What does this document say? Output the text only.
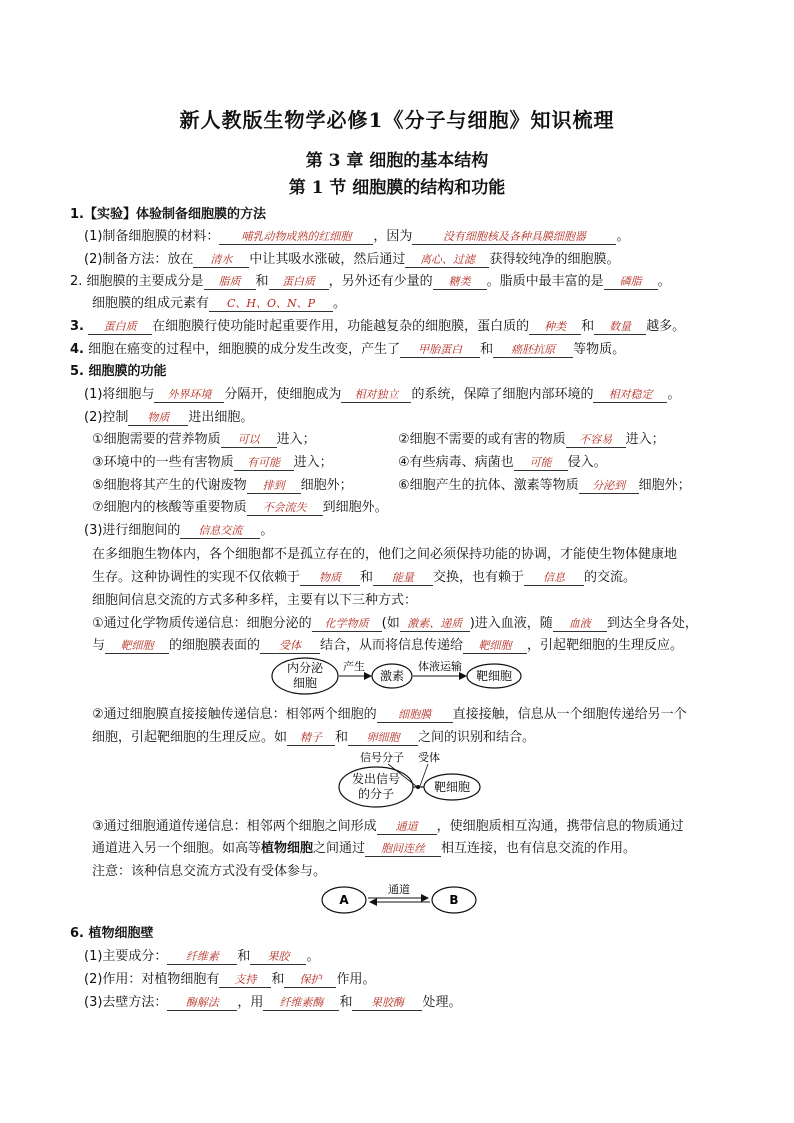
新人教版生物学必修1《分子与细胞》知识梳理
第 3 章 细胞的基本结构
第 1 节 细胞膜的结构和功能
1.【实验】体验制备细胞膜的方法
(1)制备细胞膜的材料： 哺乳动物成熟的红细胞 ，因为	没有细胞核及各种具膜细胞器 。
(2)制备方法：放在 清水 中让其吸水涨破，然后通过 离心、过滤 获得较纯净的细胞膜。
2. 细胞膜的主要成分是 脂质 和 蛋白质 ，另外还有少量的 糖类 。脂质中最丰富的是 磷脂 。
细胞膜的组成元素有 C、H、O、N、P 。
3. 蛋白质 在细胞膜行使功能时起重要作用，功能越复杂的细胞膜，蛋白质的 种类 和 数量 越多。
4. 细胞在癌变的过程中，细胞膜的成分发生改变，产生了 甲胎蛋白 和 癌胚抗原 等物质。
5. 细胞膜的功能
(1)将细胞与 外界环境 分隔开，使细胞成为 相对独立 的系统，保障了细胞内部环境的 相对稳定 。
(2)控制 物质 进出细胞。
①细胞需要的营养物质 可以 进入；	②细胞不需要的或有害的物质 不容易 进入；
③环境中的一些有害物质 有可能 进入；	④有些病毒、病菌也 可能 侵入。
⑤细胞将其产生的代谢废物 排到 细胞外；	⑥细胞产生的抗体、激素等物质 分泌到 细胞外；
⑦细胞内的核酸等重要物质 不会流失 到细胞外。
(3)进行细胞间的 信息交流 。
在多细胞生物体内，各个细胞都不是孤立存在的，他们之间必须保持功能的协调，才能使生物体健康地
生存。这种协调性的实现不仅依赖于 物质 和 能量 交换，也有赖于 信息 的交流。
细胞间信息交流的方式多种多样，主要有以下三种方式：
①通过化学物质传递信息：细胞分泌的 化学物质 (如 激素、递质 )进入血液，随 血液 到达全身各处，
与 靶细胞 的细胞膜表面的 受体 结合，从而将信息传递给 靶细胞 ，引起靶细胞的生理反应。
内分泌
细胞
产生
激素
体液运输
靶细胞
②通过细胞膜直接接触传递信息：相邻两个细胞的 细胞膜 直接接触，信息从一个细胞传递给另一个
细胞，引起靶细胞的生理反应。如 精子 和 卵细胞 之间的识别和结合。
信号分子 受体
发出信号
的分子	靶细胞
③通过细胞通道传递信息：相邻两个细胞之间形成 通道 ，使细胞质相互沟通，携带信息的物质通过
通道进入另一个细胞。如高等植物细胞之间通过 胞间连丝 相互连接，也有信息交流的作用。
注意：该种信息交流方式没有受体参与。
A
通道
B
6. 植物细胞壁
(1)主要成分： 纤维素 和 果胶 。
(2)作用：对植物细胞有 支持 和 保护 作用。
(3)去壁方法： 酶解法 ，用 纤维素酶 和 果胶酶 处理。
